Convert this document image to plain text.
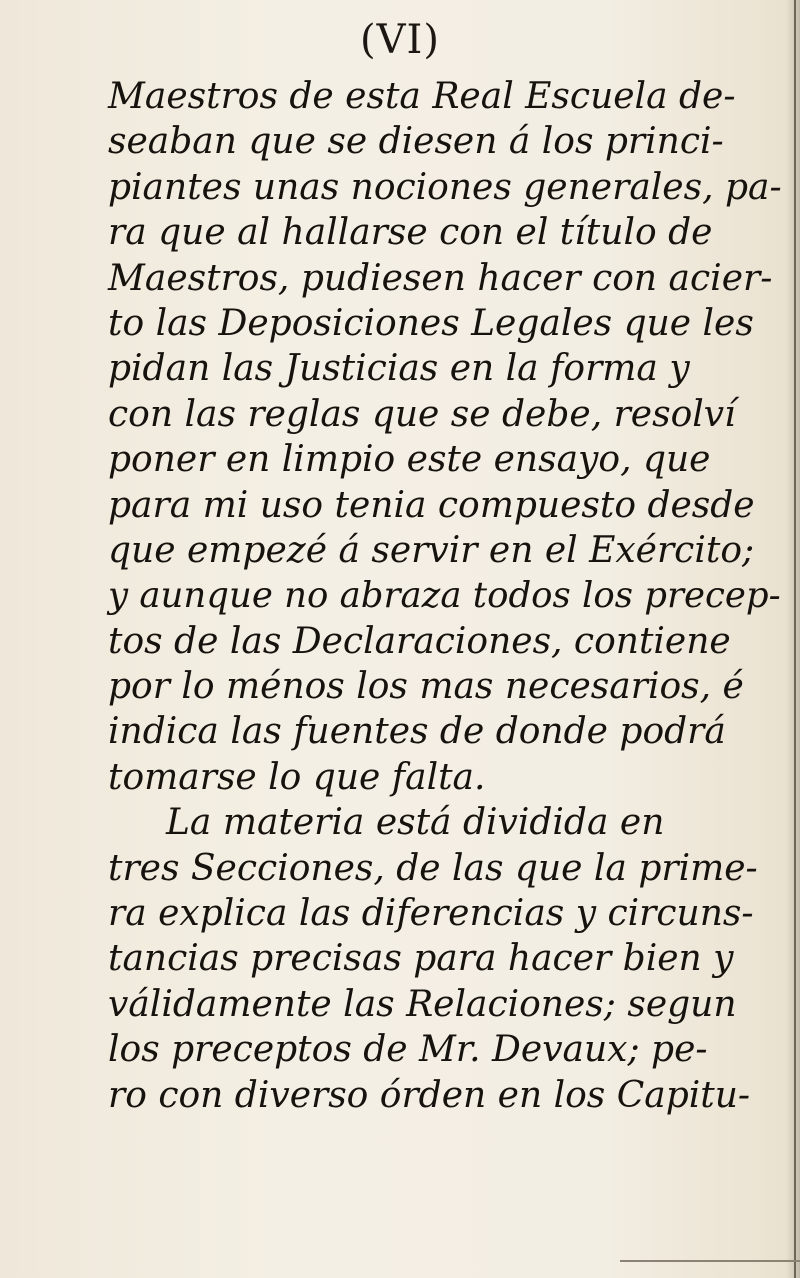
(VI)
Maestros de esta Real Escuela de-
seaban que se diesen á los princi-
piantes unas nociones generales, pa-
ra que al hallarse con el título de
Maestros, pudiesen hacer con acier-
to las Deposiciones Legales que les
pidan las Justicias en la forma y
con las reglas que se debe, resolví
poner en limpio este ensayo, que
para mi uso tenia compuesto desde
que empezé á servir en el Exército;
y aunque no abraza todos los precep-
tos de las Declaraciones, contiene
por lo ménos los mas necesarios, é
indica las fuentes de donde podrá
tomarse lo que falta.
La materia está dividida en
tres Secciones, de las que la prime-
ra explica las diferencias y circuns-
tancias precisas para hacer bien y
válidamente las Relaciones; segun
los preceptos de Mr. Devaux; pe-
ro con diverso órden en los Capitu-
